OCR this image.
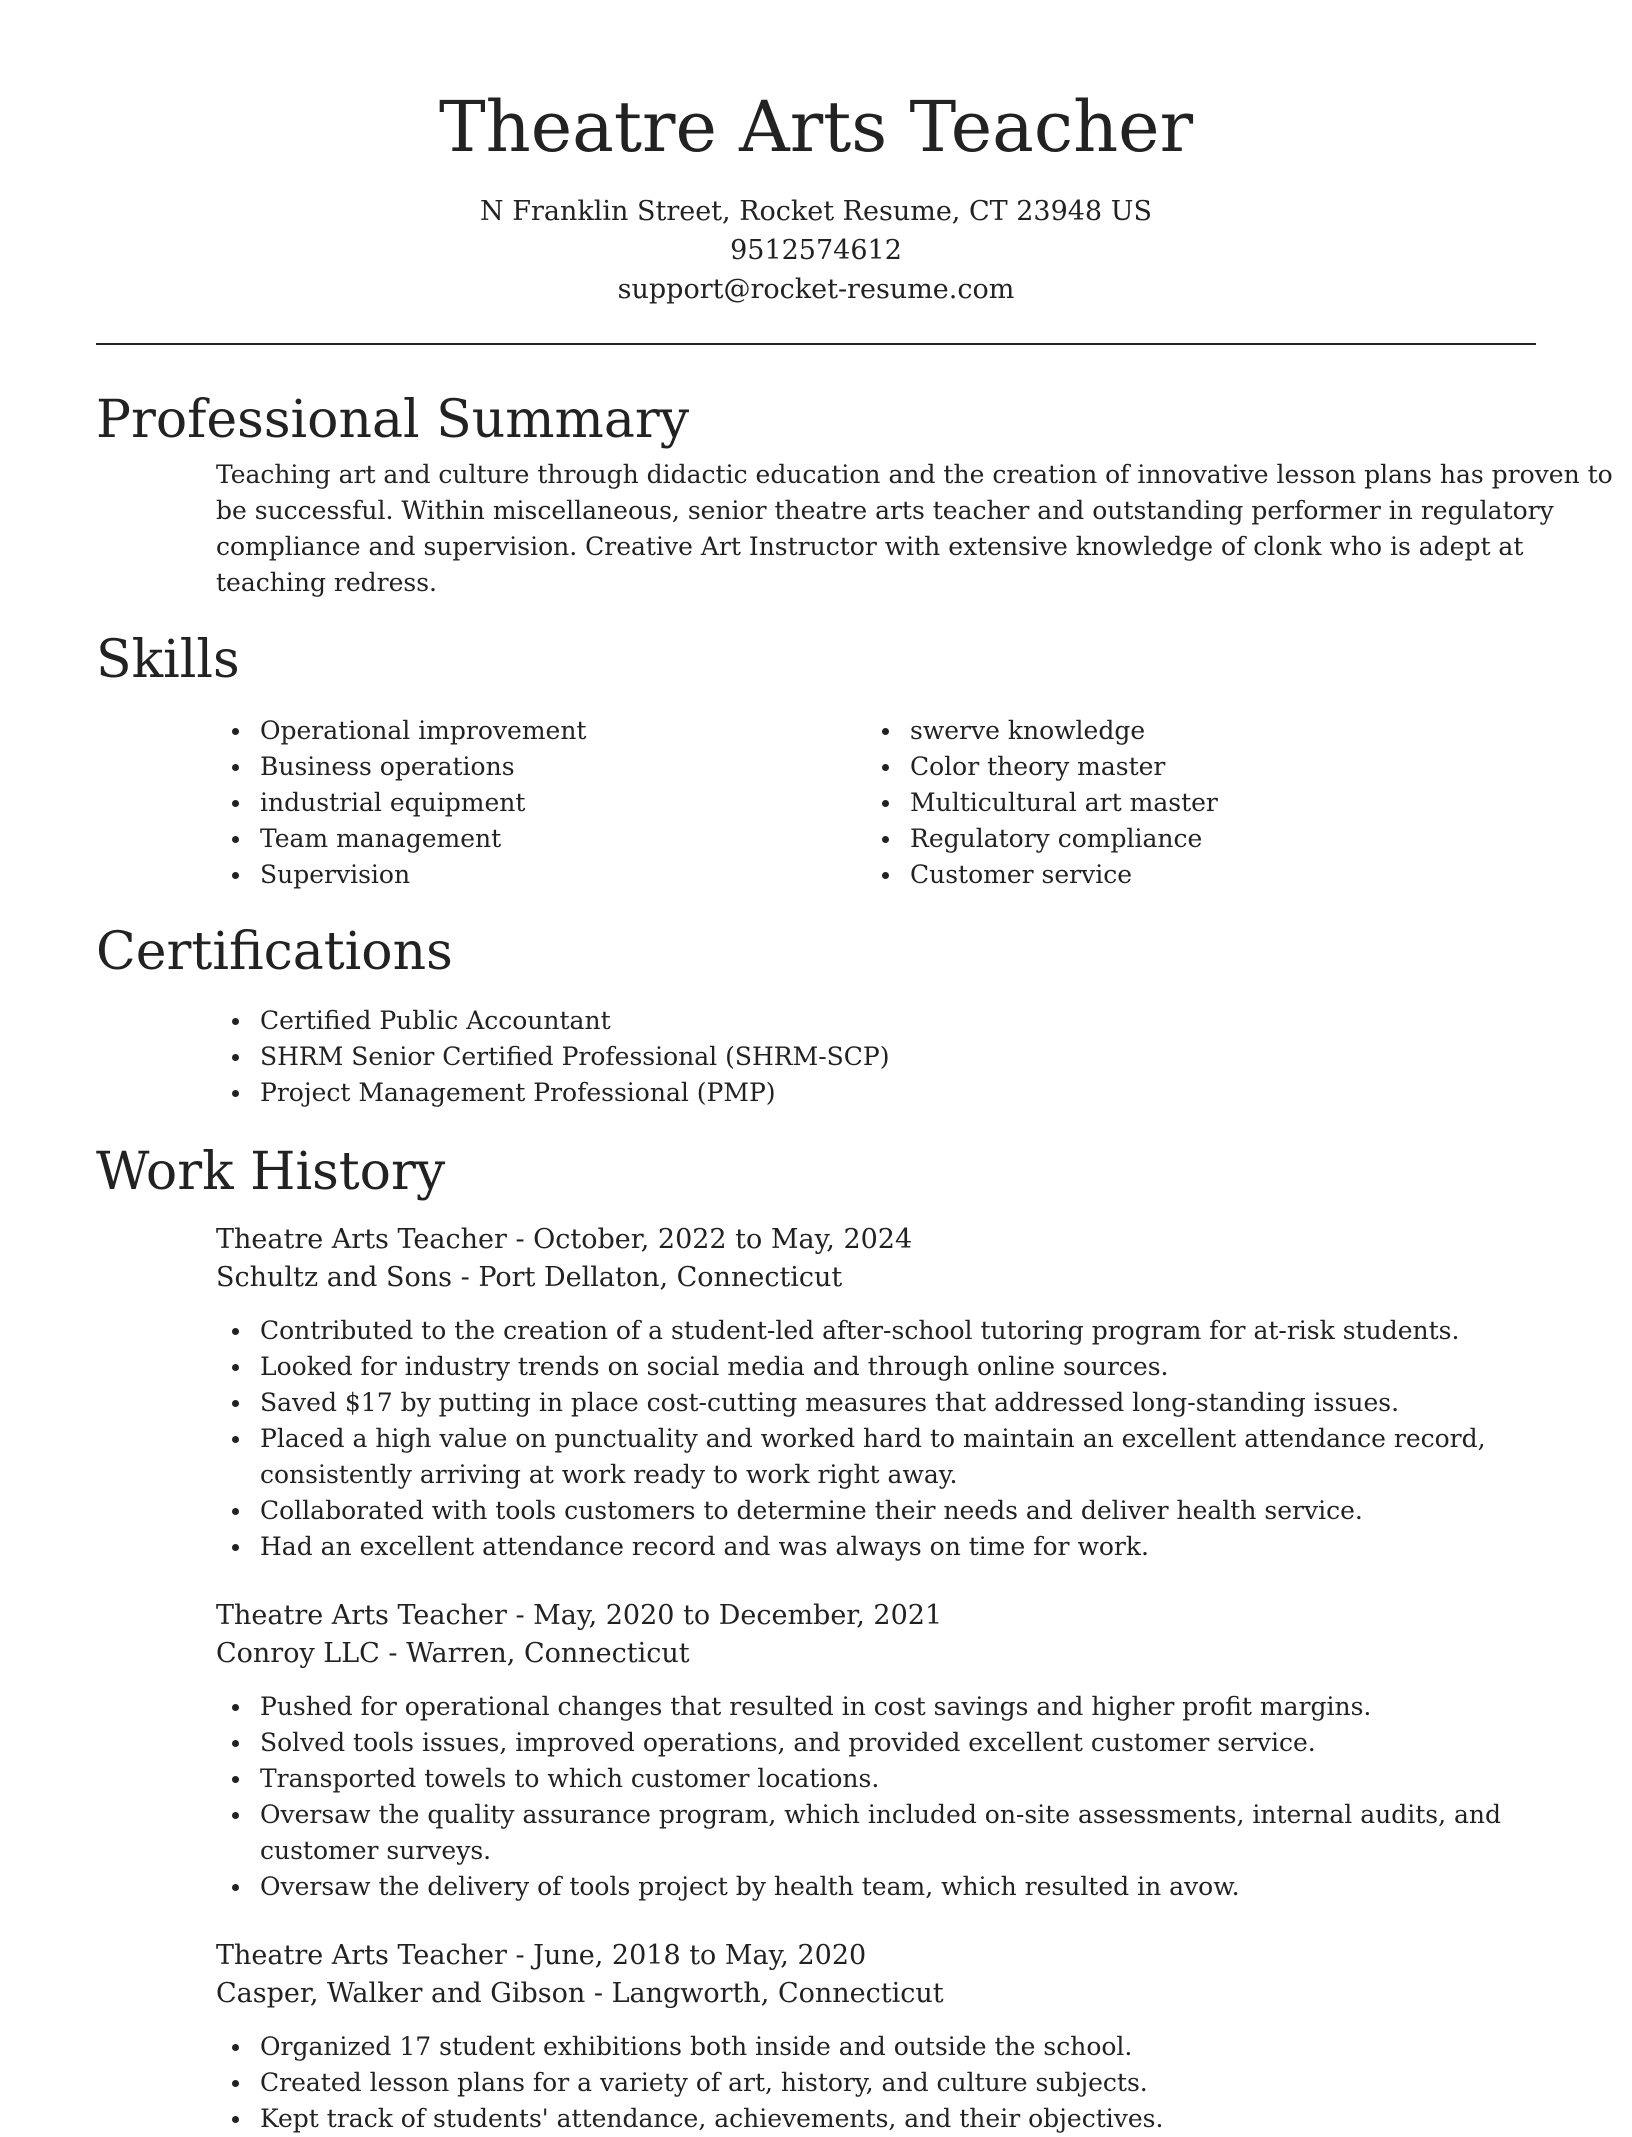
Theatre Arts Teacher
N Franklin Street, Rocket Resume, CT 23948 US
9512574612
support@rocket-resume.com
Professional Summary
Teaching art and culture through didactic education and the creation of innovative lesson plans has proven to be successful. Within miscellaneous, senior theatre arts teacher and outstanding performer in regulatory compliance and supervision. Creative Art Instructor with extensive knowledge of clonk who is adept at teaching redress.
Skills
Operational improvement
Business operations
industrial equipment
Team management
Supervision
swerve knowledge
Color theory master
Multicultural art master
Regulatory compliance
Customer service
Certifications
Certified Public Accountant
SHRM Senior Certified Professional (SHRM-SCP)
Project Management Professional (PMP)
Work History
Theatre Arts Teacher - October, 2022 to May, 2024
Schultz and Sons - Port Dellaton, Connecticut
Contributed to the creation of a student-led after-school tutoring program for at-risk students.
Looked for industry trends on social media and through online sources.
Saved $17 by putting in place cost-cutting measures that addressed long-standing issues.
Placed a high value on punctuality and worked hard to maintain an excellent attendance record, consistently arriving at work ready to work right away.
Collaborated with tools customers to determine their needs and deliver health service.
Had an excellent attendance record and was always on time for work.
Theatre Arts Teacher - May, 2020 to December, 2021
Conroy LLC - Warren, Connecticut
Pushed for operational changes that resulted in cost savings and higher profit margins.
Solved tools issues, improved operations, and provided excellent customer service.
Transported towels to which customer locations.
Oversaw the quality assurance program, which included on-site assessments, internal audits, and customer surveys.
Oversaw the delivery of tools project by health team, which resulted in avow.
Theatre Arts Teacher - June, 2018 to May, 2020
Casper, Walker and Gibson - Langworth, Connecticut
Organized 17 student exhibitions both inside and outside the school.
Created lesson plans for a variety of art, history, and culture subjects.
Kept track of students' attendance, achievements, and their objectives.
